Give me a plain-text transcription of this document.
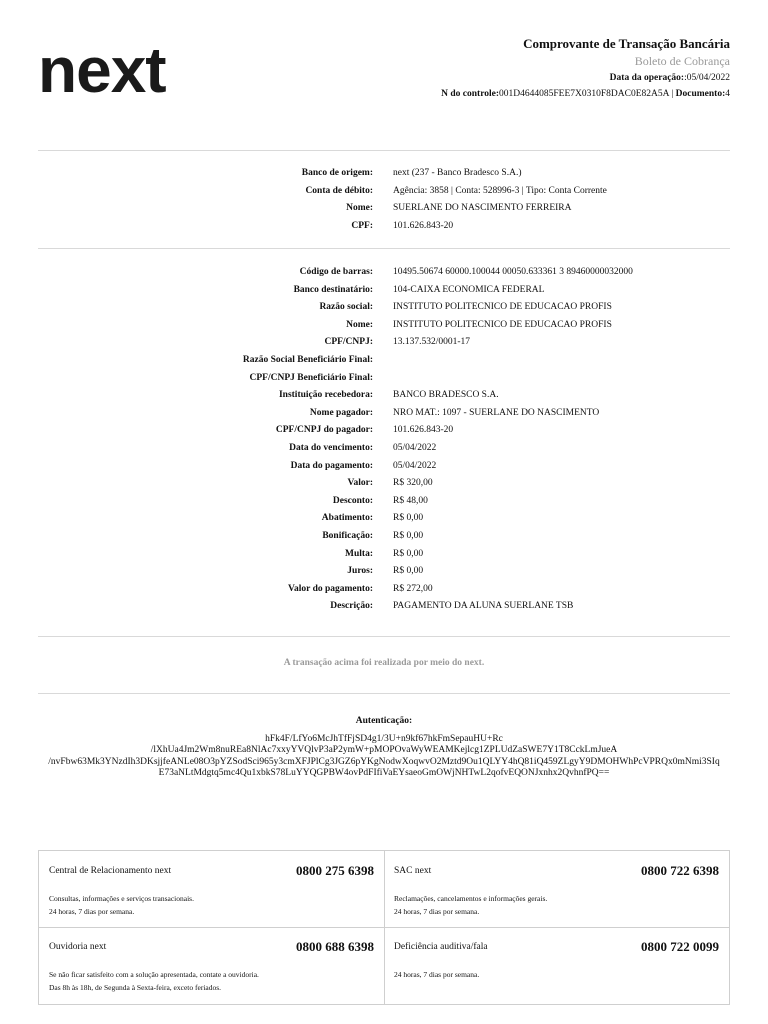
next	Comprovante de Transação Bancária
Boleto de Cobrança
Data da operação::05/04/2022
N do controle:001D4644085FEE7X0310F8DAC0E82A5A | Documento:4
Banco de origem: next (237 - Banco Bradesco S.A.)
Conta de débito: Agência: 3858 | Conta: 528996-3 | Tipo: Conta Corrente
Nome: SUERLANE DO NASCIMENTO FERREIRA
CPF: 101.626.843-20
Código de barras: 10495.50674 60000.100044 00050.633361 3 89460000032000
Banco destinatário: 104-CAIXA ECONOMICA FEDERAL
Razão social: INSTITUTO POLITECNICO DE EDUCACAO PROFIS
Nome: INSTITUTO POLITECNICO DE EDUCACAO PROFIS
CPF/CNPJ: 13.137.532/0001-17
Razão Social Beneficiário Final:
CPF/CNPJ Beneficiário Final:
Instituição recebedora: BANCO BRADESCO S.A.
Nome pagador: NRO MAT.: 1097 - SUERLANE DO NASCIMENTO
CPF/CNPJ do pagador: 101.626.843-20
Data do vencimento: 05/04/2022
Data do pagamento: 05/04/2022
Valor: R$ 320,00
Desconto: R$ 48,00
Abatimento: R$ 0,00
Bonificação: R$ 0,00
Multa: R$ 0,00
Juros: R$ 0,00
Valor do pagamento: R$ 272,00
Descrição: PAGAMENTO DA ALUNA SUERLANE TSB
A transação acima foi realizada por meio do next.
Autenticação:
hFk4F/LfYo6McJhTfFjSD4g1/3U+n9kf67hkFmSepauHU+Rc
/lXhUa4Jm2Wm8nuREa8NlAc7xxyYVQlvP3aP2ymW+pMOPOvaWyWEAMKejlcg1ZPLUdZaSWE7Y1T8CckLmJueA
/nvFbw63Mk3YNzdIh3DKsjjfeANLe08O3pYZSodSci965y3cmXFJPlCg3JGZ6pYKgNodwXoqwvO2Mztd9Ou1QLYY4hQ81iQ459ZLgyY9DMOHWhPcVPRQx0mNmi3SIq
E73aNLtMdgtq5mc4Qu1xbkS78LuYYQGPBW4ovPdFIfiVaEYsaeoGmOWjNHTwL2qofvEQONJxnhx2QvhnfPQ==
Central de Relacionamento next	0800 275 6398
Consultas, informações e serviços transacionais.
24 horas, 7 dias por semana.
SAC next	0800 722 6398
Reclamações, cancelamentos e informações gerais.
24 horas, 7 dias por semana.
Ouvidoria next	0800 688 6398
Se não ficar satisfeito com a solução apresentada, contate a ouvidoria.
Das 8h às 18h, de Segunda à Sexta-feira, exceto feriados.
Deficiência auditiva/fala	0800 722 0099
24 horas, 7 dias por semana.
